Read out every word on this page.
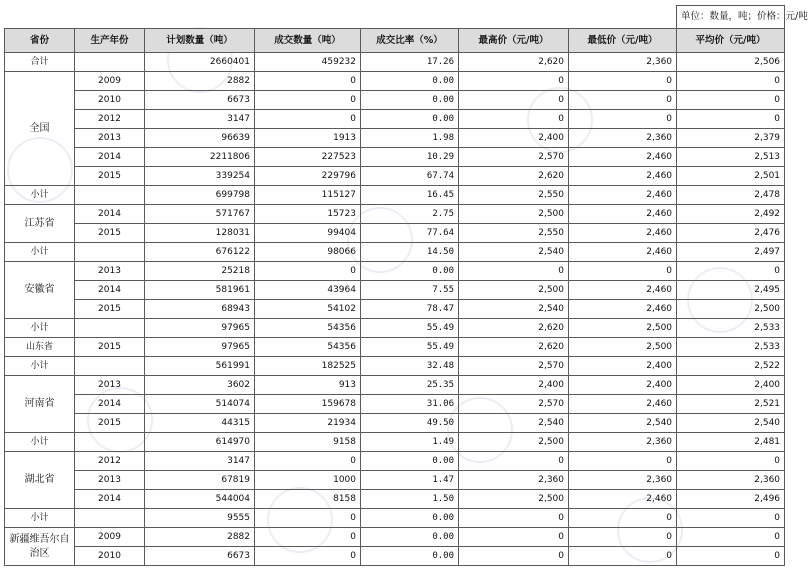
							单位：数量，吨；价格：元/吨
省份	生产年份	计划数量（吨）	成交数量（吨）	成交比率（%）	最高价（元/吨）	最低价（元/吨）	平均价（元/吨）
合计		2660401	459232	17.26	2,620	2,360	2,506
全国	2009	2882	0	0.00	0	0	0
	2010	6673	0	0.00	0	0	0
	2012	3147	0	0.00	0	0	0
	2013	96639	1913	1.98	2,400	2,360	2,379
	2014	2211806	227523	10.29	2,570	2,460	2,513
	2015	339254	229796	67.74	2,620	2,460	2,501
小计		699798	115127	16.45	2,550	2,460	2,478
江苏省	2014	571767	15723	2.75	2,500	2,460	2,492
	2015	128031	99404	77.64	2,550	2,460	2,476
小计		676122	98066	14.50	2,540	2,460	2,497
安徽省	2013	25218	0	0.00	0	0	0
	2014	581961	43964	7.55	2,500	2,460	2,495
	2015	68943	54102	78.47	2,540	2,460	2,500
小计		97965	54356	55.49	2,620	2,500	2,533
山东省	2015	97965	54356	55.49	2,620	2,500	2,533
小计		561991	182525	32.48	2,570	2,400	2,522
河南省	2013	3602	913	25.35	2,400	2,400	2,400
	2014	514074	159678	31.06	2,570	2,460	2,521
	2015	44315	21934	49.50	2,540	2,540	2,540
小计		614970	9158	1.49	2,500	2,360	2,481
湖北省	2012	3147	0	0.00	0	0	0
	2013	67819	1000	1.47	2,360	2,360	2,360
	2014	544004	8158	1.50	2,500	2,460	2,496
小计		9555	0	0.00	0	0	0
新疆维吾尔自治区	2009	2882	0	0.00	0	0	0
	2010	6673	0	0.00	0	0	0
